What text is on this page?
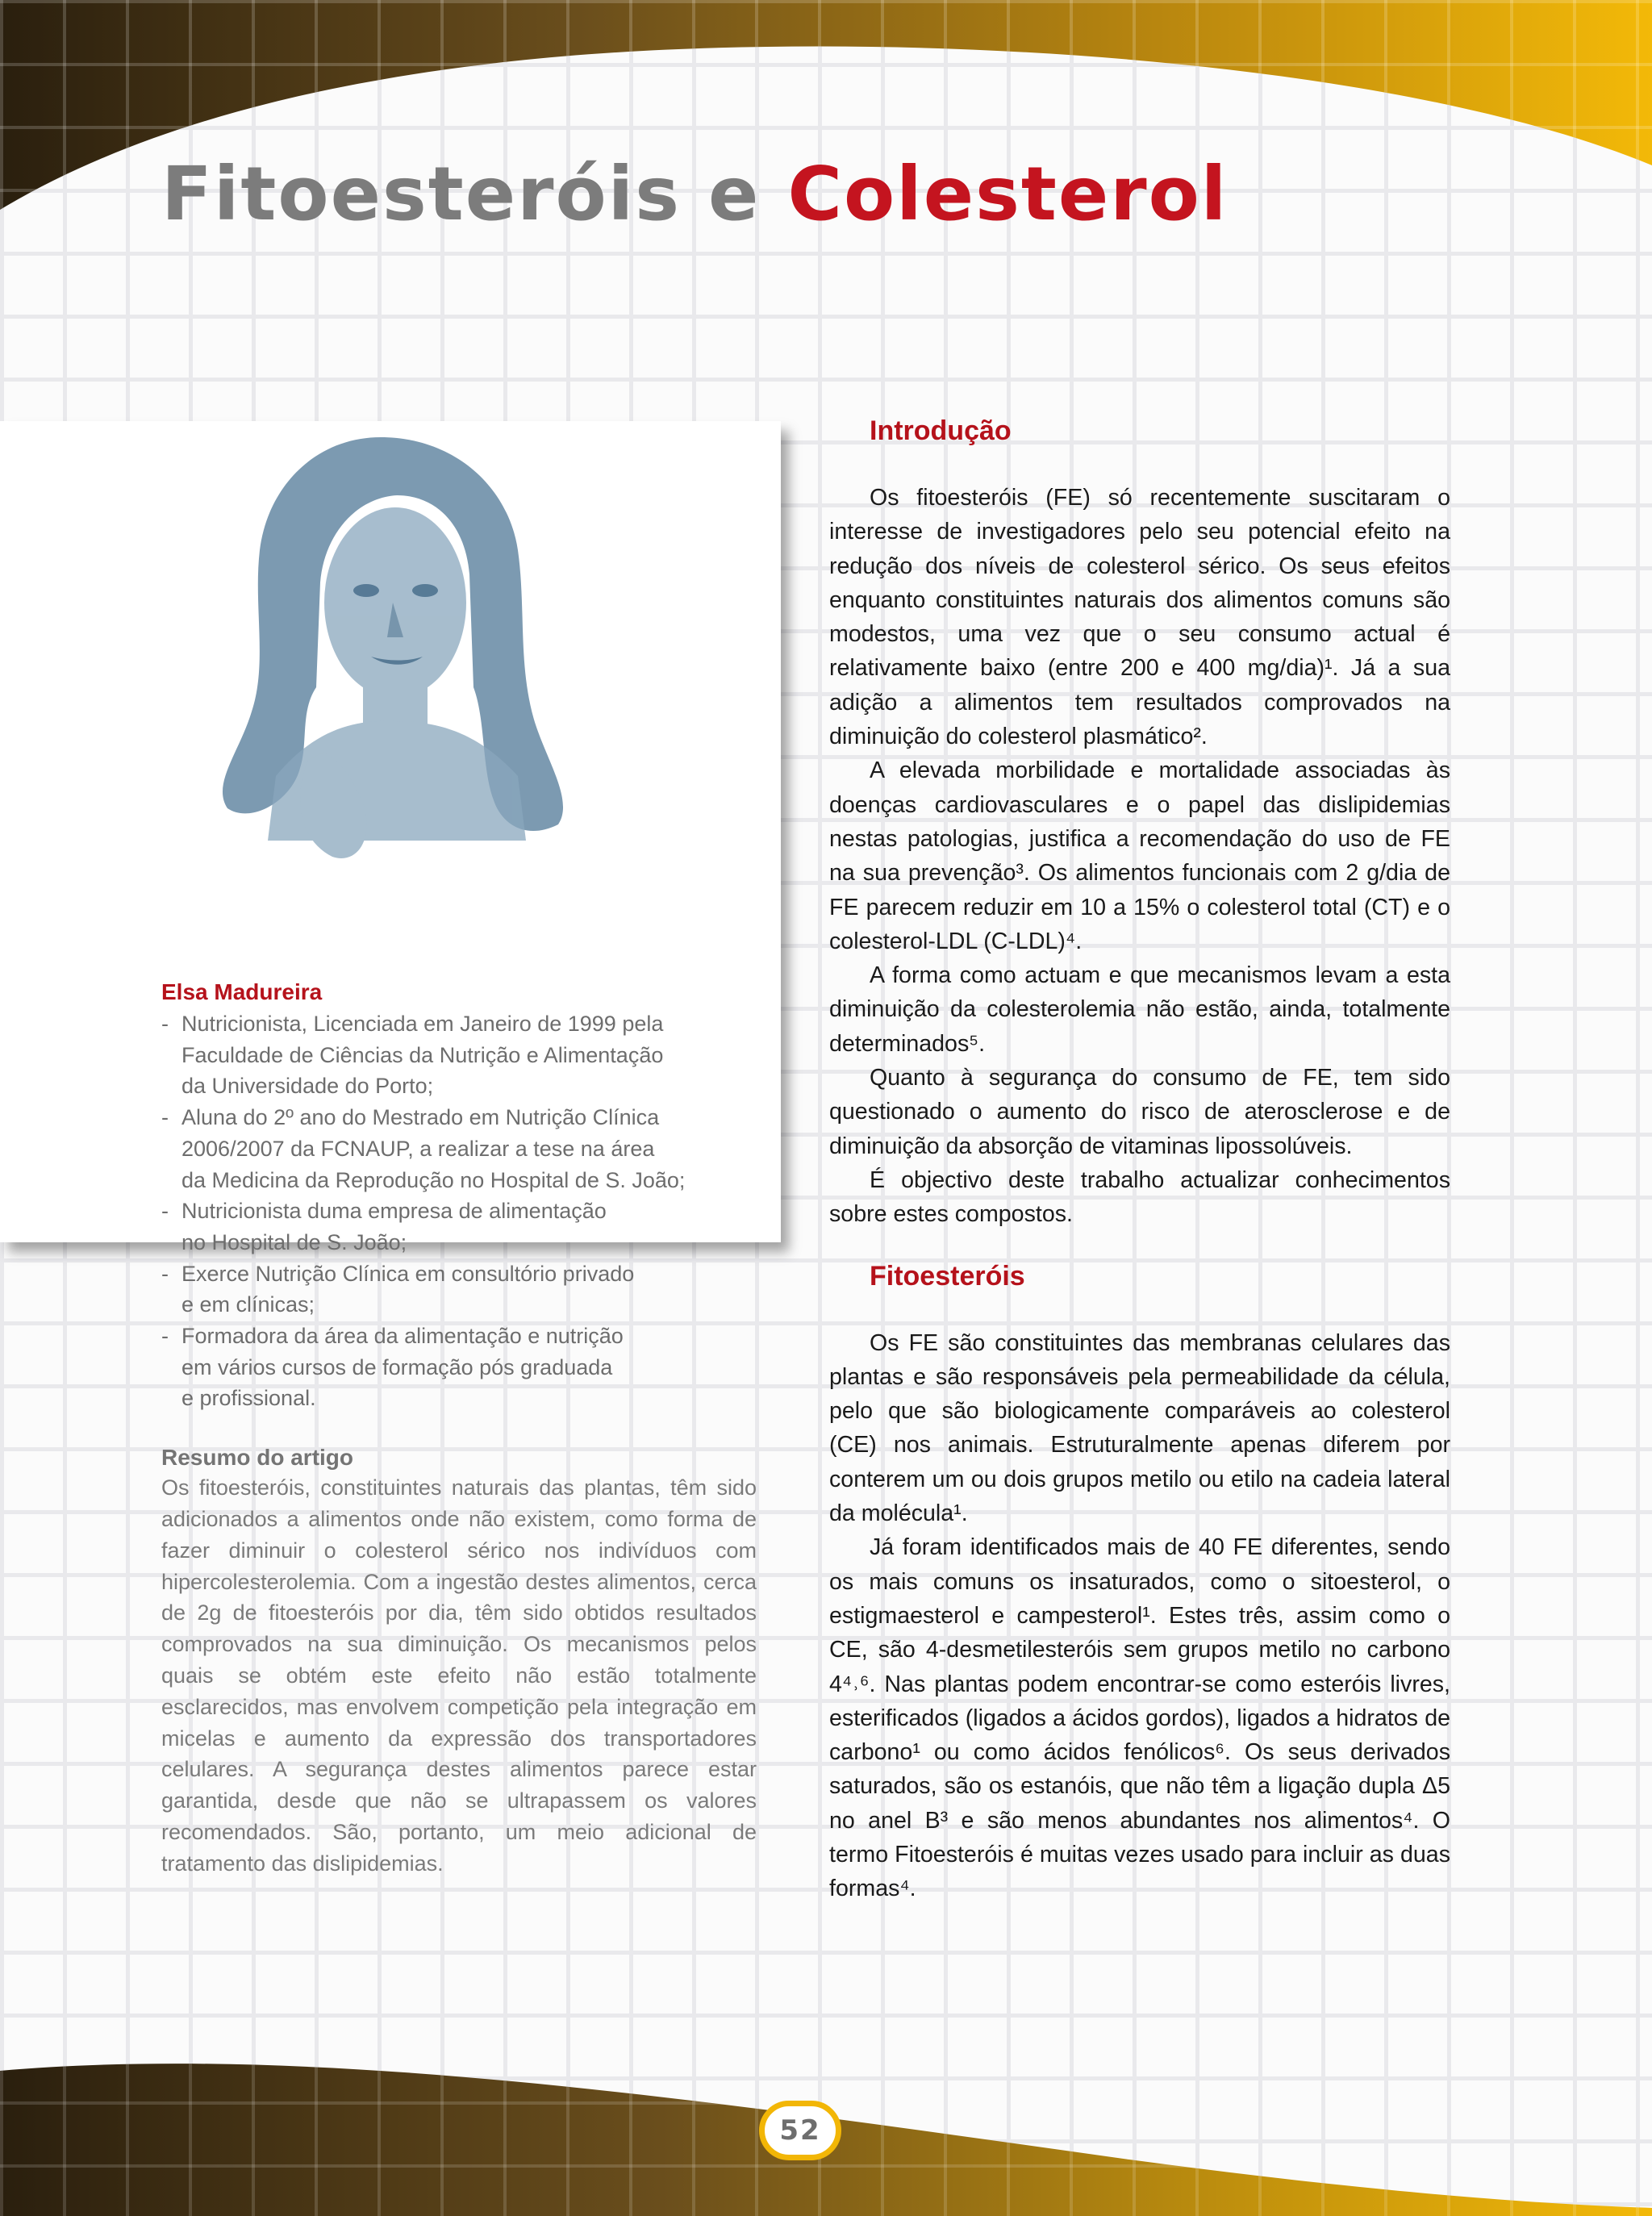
Fitoesteróis e Colesterol
Elsa Madureira
- Nutricionista, Licenciada em Janeiro de 1999 pela
Faculdade de Ciências da Nutrição e Alimentação
da Universidade do Porto;
- Aluna do 2º ano do Mestrado em Nutrição Clínica
2006/2007 da FCNAUP, a realizar a tese na área
da Medicina da Reprodução no Hospital de S. João;
- Nutricionista duma empresa de alimentação
no Hospital de S. João;
- Exerce Nutrição Clínica em consultório privado
e em clínicas;
- Formadora da área da alimentação e nutrição
em vários cursos de formação pós graduada
e profissional.
Resumo do artigo

Os fitoesteróis, constituintes naturais das plantas, têm sido adicionados a alimentos onde não existem, como forma de fazer diminuir o colesterol sérico nos indivíduos com hipercolesterolemia. Com a ingestão destes alimentos, cerca de 2g de fitoesteróis por dia, têm sido obtidos resultados comprovados na sua diminuição. Os mecanismos pelos quais se obtém este efeito não estão totalmente esclarecidos, mas envolvem competição pela integração em micelas e aumento da expressão dos transportadores celulares. A segurança destes alimentos parece estar garantida, desde que não se ultrapassem os valores recomendados. São, portanto, um meio adicional de tratamento das dislipidemias.

Introdução

Os fitoesteróis (FE) só recentemente suscitaram o interesse de investigadores pelo seu potencial efeito na redução dos níveis de colesterol sérico. Os seus efeitos enquanto constituintes naturais dos alimentos comuns são modestos, uma vez que o seu consumo actual é relativamente baixo (entre 200 e 400 mg/dia)¹. Já a sua adição a alimentos tem resultados comprovados na diminuição do colesterol plasmático².

A elevada morbilidade e mortalidade associadas às doenças cardiovasculares e o papel das dislipidemias nestas patologias, justifica a recomendação do uso de FE na sua prevenção³. Os alimentos funcionais com 2 g/dia de FE parecem reduzir em 10 a 15% o colesterol total (CT) e o colesterol-LDL (C-LDL)⁴.

A forma como actuam e que mecanismos levam a esta diminuição da colesterolemia não estão, ainda, totalmente determinados⁵.

Quanto à segurança do consumo de FE, tem sido questionado o aumento do risco de aterosclerose e de diminuição da absorção de vitaminas lipossolúveis.

É objectivo deste trabalho actualizar conhecimentos sobre estes compostos.

Fitoesteróis

Os FE são constituintes das membranas celulares das plantas e são responsáveis pela permeabilidade da célula, pelo que são biologicamente comparáveis ao colesterol (CE) nos animais. Estruturalmente apenas diferem por conterem um ou dois grupos metilo ou etilo na cadeia lateral da molécula¹.

Já foram identificados mais de 40 FE diferentes, sendo os mais comuns os insaturados, como o sitoesterol, o estigmaesterol e campesterol¹. Estes três, assim como o CE, são 4-desmetilesteróis sem grupos metilo no carbono 4⁴˒⁶. Nas plantas podem encontrar-se como esteróis livres, esterificados (ligados a ácidos gordos), ligados a hidratos de carbono¹ ou como ácidos fenólicos⁶. Os seus derivados saturados, são os estanóis, que não têm a ligação dupla Δ5 no anel B³ e são menos abundantes nos alimentos⁴. O termo Fitoesteróis é muitas vezes usado para incluir as duas formas⁴.

52
